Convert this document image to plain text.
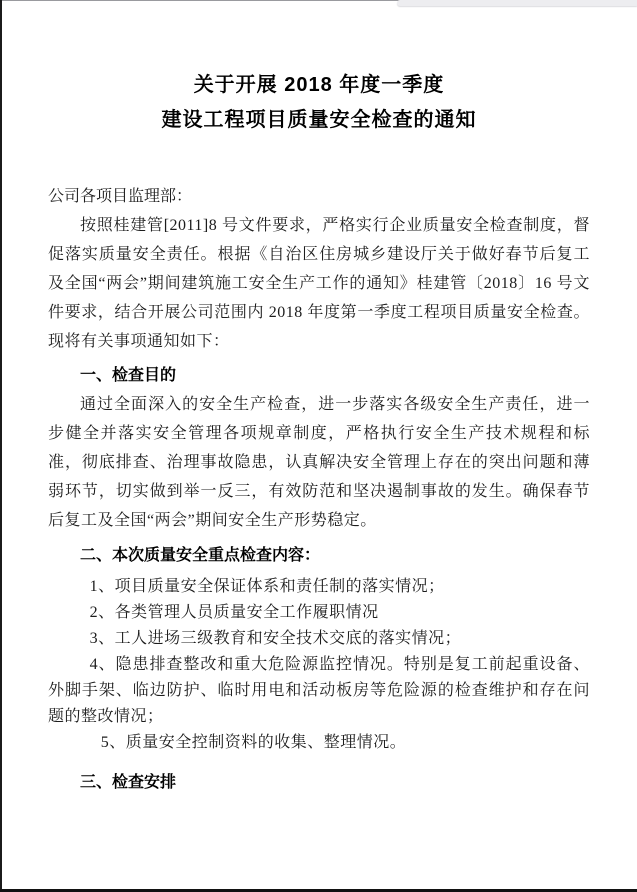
关于开展 2018 年度一季度
建设工程项目质量安全检查的通知
公司各项目监理部：

按照桂建管[2011]8 号文件要求，严格实行企业质量安全检查制度，督促落实质量安全责任。根据《自治区住房城乡建设厅关于做好春节后复工及全国“两会”期间建筑施工安全生产工作的通知》桂建管〔2018〕16 号文件要求，结合开展公司范围内 2018 年度第一季度工程项目质量安全检查。现将有关事项通知如下：

一、检查目的

通过全面深入的安全生产检查，进一步落实各级安全生产责任，进一步健全并落实安全管理各项规章制度，严格执行安全生产技术规程和标准，彻底排查、治理事故隐患，认真解决安全管理上存在的突出问题和薄弱环节，切实做到举一反三，有效防范和坚决遏制事故的发生。确保春节后复工及全国“两会”期间安全生产形势稳定。

二、本次质量安全重点检查内容：
1、项目质量安全保证体系和责任制的落实情况；
2、各类管理人员质量安全工作履职情况
3、工人进场三级教育和安全技术交底的落实情况；
4、隐患排查整改和重大危险源监控情况。特别是复工前起重设备、外脚手架、临边防护、临时用电和活动板房等危险源的检查维护和存在问题的整改情况；
5、质量安全控制资料的收集、整理情况。
三、检查安排
